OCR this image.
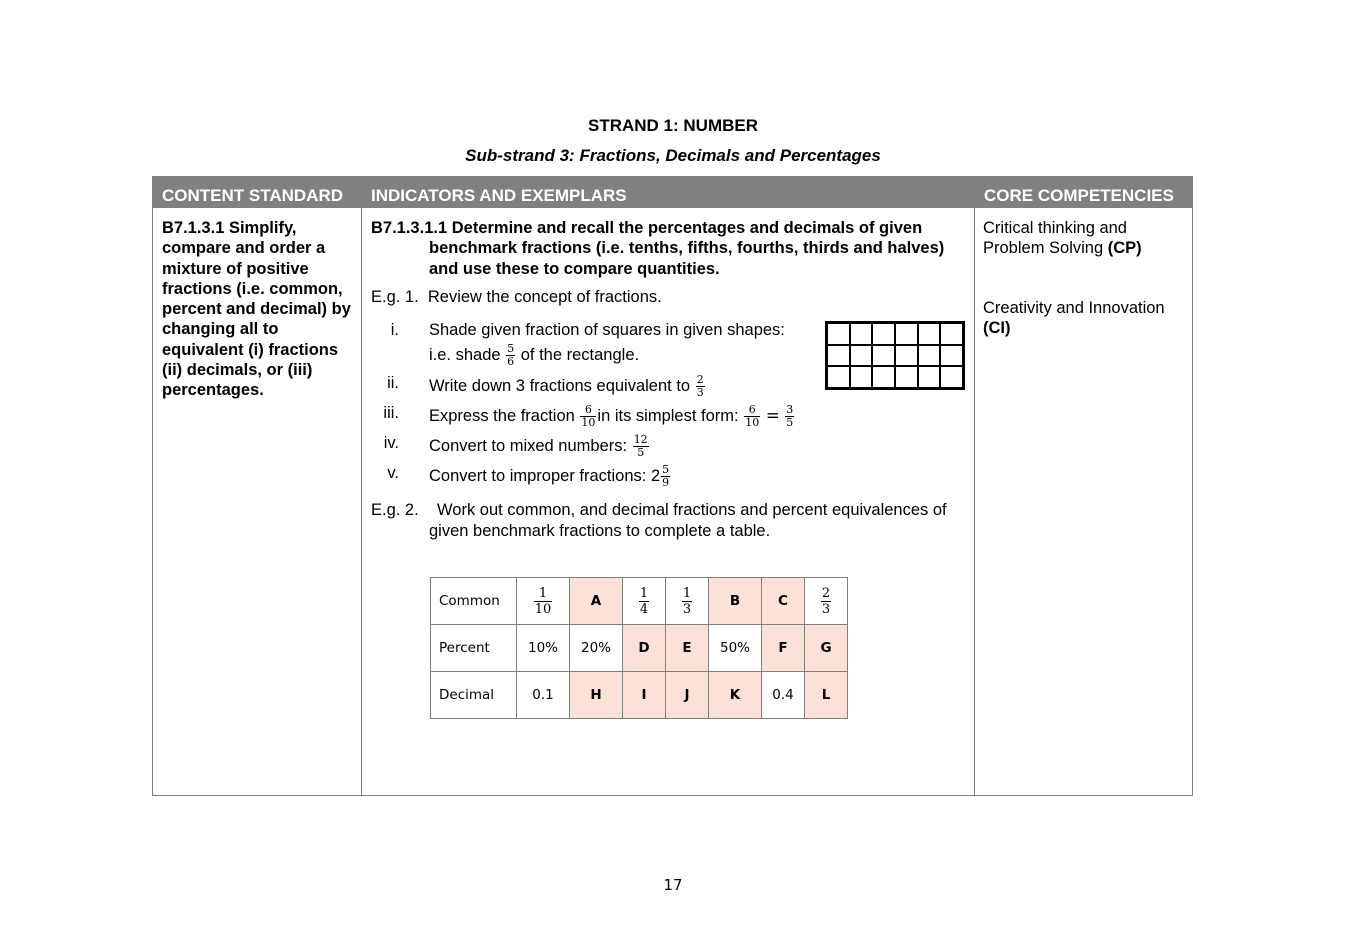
STRAND 1: NUMBER
Sub-strand 3: Fractions, Decimals and Percentages
CONTENT STANDARD	INDICATORS AND EXEMPLARS	CORE COMPETENCIES
B7.1.3.1 Simplify, compare and order a mixture of positive fractions (i.e. common, percent and decimal) by changing all to equivalent (i) fractions (ii) decimals, or (iii) percentages.
B7.1.3.1.1 Determine and recall the percentages and decimals of given
benchmark fractions (i.e. tenths, fifths, fourths, thirds and halves) and use these to compare quantities.
E.g. 1. Review the concept of fractions.
i. Shade given fraction of squares in given shapes:
i.e. shade $\frac{5}{6}$ of the rectangle.
ii. Write down 3 fractions equivalent to $\frac{2}{3}$
iii. Express the fraction $\frac{6}{10}$ in its simplest form: $\frac{6}{10} = \frac{3}{5}$
iv. Convert to mixed numbers: $\frac{12}{5}$
v. Convert to improper fractions: $2 \frac{5}{9}$
E.g. 2.	Work out common, and decimal fractions and percent equivalences of given benchmark fractions to complete a table.
Common	$\frac{1}{10}$	A	$\frac{1}{4}$	$\frac{1}{3}$	B	C	$\frac{2}{3}$

Percent	10%	20%	D	E	50%	F	G
Decimal	0.1	H	I	J	K	0.4	L
Critical thinking and Problem Solving (CP)
Creativity and Innovation (CI)
17
